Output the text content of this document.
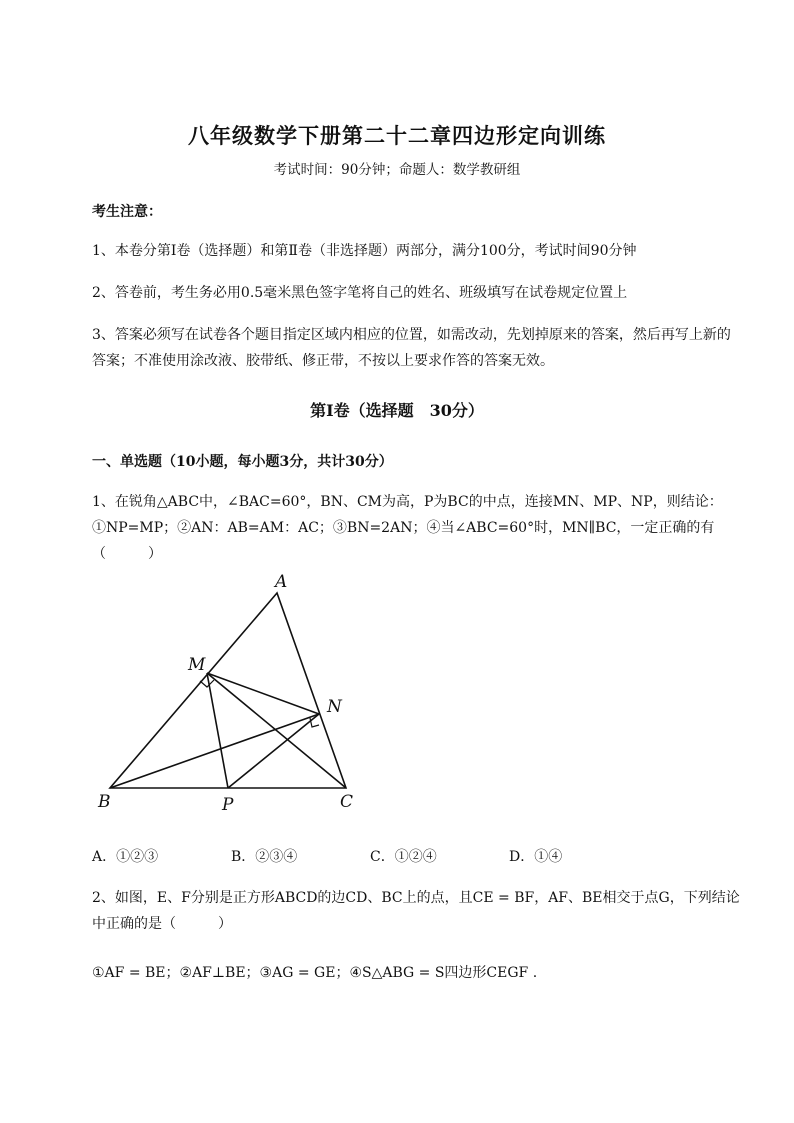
八年级数学下册第二十二章四边形定向训练
考试时间：90分钟；命题人：数学教研组
考生注意：
1、本卷分第Ⅰ卷（选择题）和第Ⅱ卷（非选择题）两部分，满分100分，考试时间90分钟
2、答卷前，考生务必用0.5毫米黑色签字笔将自己的姓名、班级填写在试卷规定位置上
3、答案必须写在试卷各个题目指定区域内相应的位置，如需改动，先划掉原来的答案，然后再写上新的答案；不准使用涂改液、胶带纸、修正带，不按以上要求作答的答案无效。
第Ⅰ卷（选择题　30分）
一、单选题（10小题，每小题3分，共计30分）
1、在锐角△ABC中，∠BAC=60°，BN、CM为高，P为BC的中点，连接MN、MP、NP，则结论：①NP=MP；②AN：AB=AM：AC；③BN=2AN；④当∠ABC=60°时，MN∥BC，一定正确的有（　　　）
A
M
N
B	P	C
A．①②③	B．②③④	C．①②④	D．①④
2、如图，E、F分别是正方形ABCD的边CD、BC上的点，且CE = BF，AF、BE相交于点G，下列结论
中正确的是（　　　）
①AF = BE；②AF⊥BE；③AG = GE；④S△ABG = S四边形CEGF .
